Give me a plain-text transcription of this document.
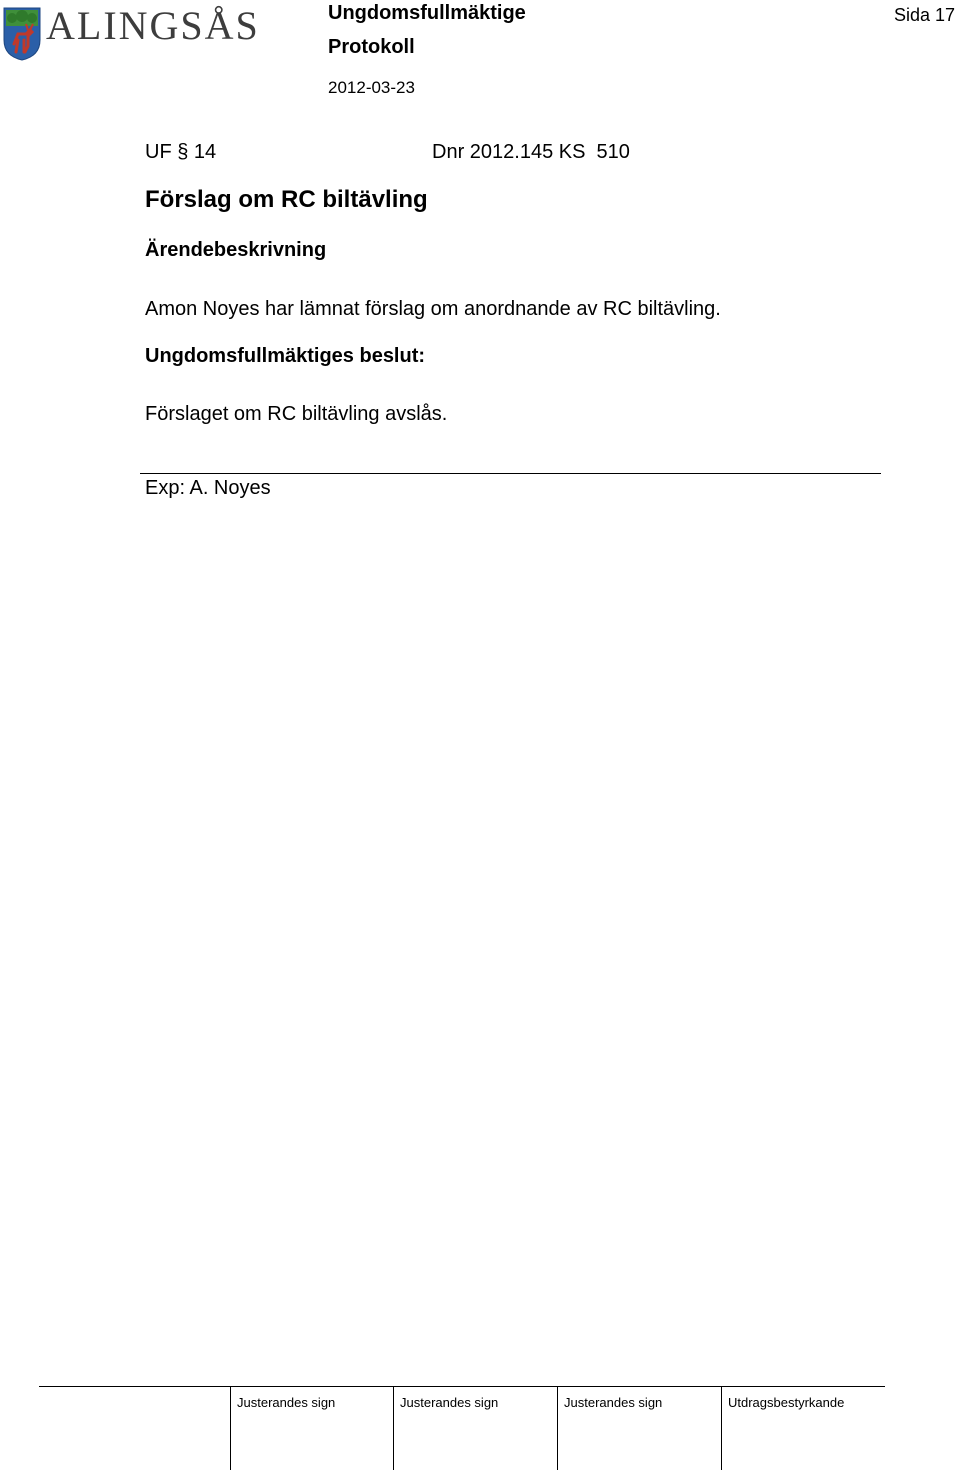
ALINGSÅS	Ungdomsfullmäktige
Protokoll
2012-03-23
Sida 17
UF § 14	Dnr 2012.145 KS  510
Förslag om RC biltävling
Ärendebeskrivning
Amon Noyes har lämnat förslag om anordnande av RC biltävling.
Ungdomsfullmäktiges beslut:
Förslaget om RC biltävling avslås.
Exp: A. Noyes
Justerandes sign	Justerandes sign	Justerandes sign	Utdragsbestyrkande
